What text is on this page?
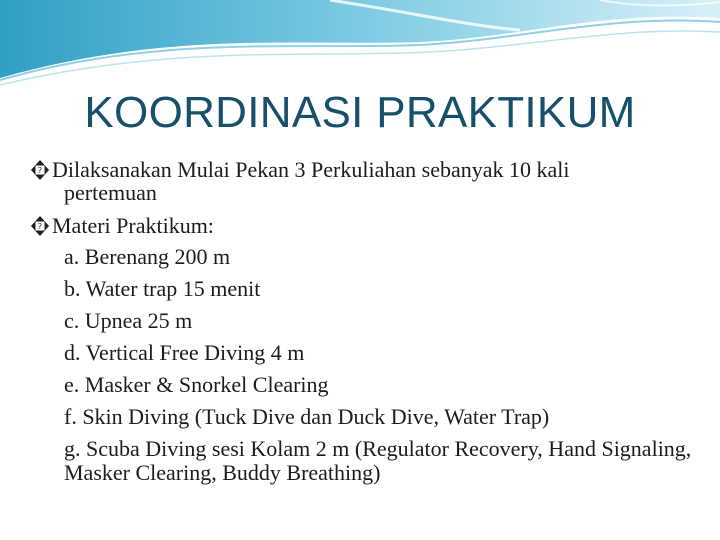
KOORDINASI PRAKTIKUM
? Dilaksanakan Mulai Pekan 3 Perkuliahan sebanyak 10 kali
pertemuan
? Materi Praktikum:
a. Berenang 200 m
b. Water trap 15 menit
c. Upnea 25 m
d. Vertical Free Diving 4 m
e. Masker & Snorkel Clearing
f. Skin Diving (Tuck Dive dan Duck Dive, Water Trap)
g. Scuba Diving sesi Kolam 2 m (Regulator Recovery, Hand Signaling, Masker Clearing, Buddy Breathing)
